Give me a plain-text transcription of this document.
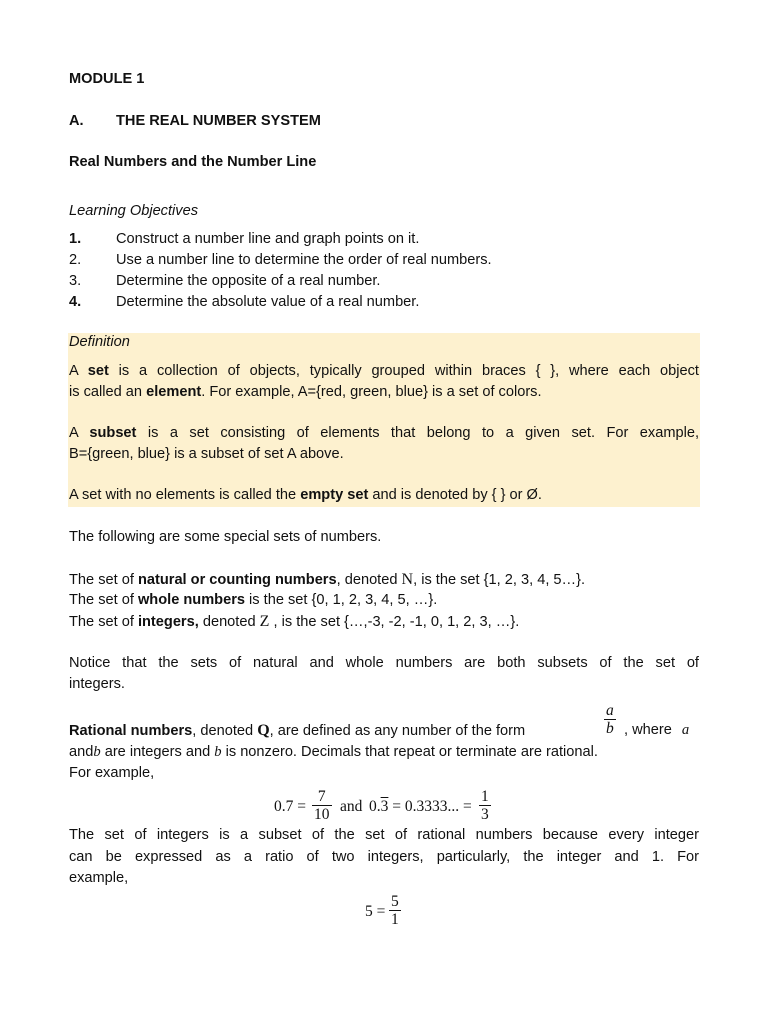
MODULE 1
A. THE REAL NUMBER SYSTEM
Real Numbers and the Number Line
Learning Objectives
1. Construct a number line and graph points on it.
2. Use a number line to determine the order of real numbers.
3. Determine the opposite of a real number.
4. Determine the absolute value of a real number.
Definition
A set is a collection of objects, typically grouped within braces { }, where each object
is called an element. For example, A={red, green, blue} is a set of colors.
A subset is a set consisting of elements that belong to a given set. For example,
B={green, blue} is a subset of set A above.
A set with no elements is called the empty set and is denoted by { } or Ø.
The following are some special sets of numbers.
The set of natural or counting numbers, denoted N, is the set {1, 2, 3, 4, 5…}.
The set of whole numbers is the set {0, 1, 2, 3, 4, 5, …}.
The set of integers, denoted Z , is the set {…,-3, -2, -1, 0, 1, 2, 3, …}.
Notice that the sets of natural and whole numbers are both subsets of the set of
integers.
Rational numbers, denoted Q, are defined as any number of the form	$\frac{a}{b}$ , where a
andb are integers and b is nonzero. Decimals that repeat or terminate are rational.
For example,
$0.7 = \frac{7}{10}$ and 0.3 = 0.3333... = $\frac{1}{3}$
The set of integers is a subset of the set of rational numbers because every integer
can be expressed as a ratio of two integers, particularly, the integer and 1. For
example,
$5 = \frac{5}{1}$
